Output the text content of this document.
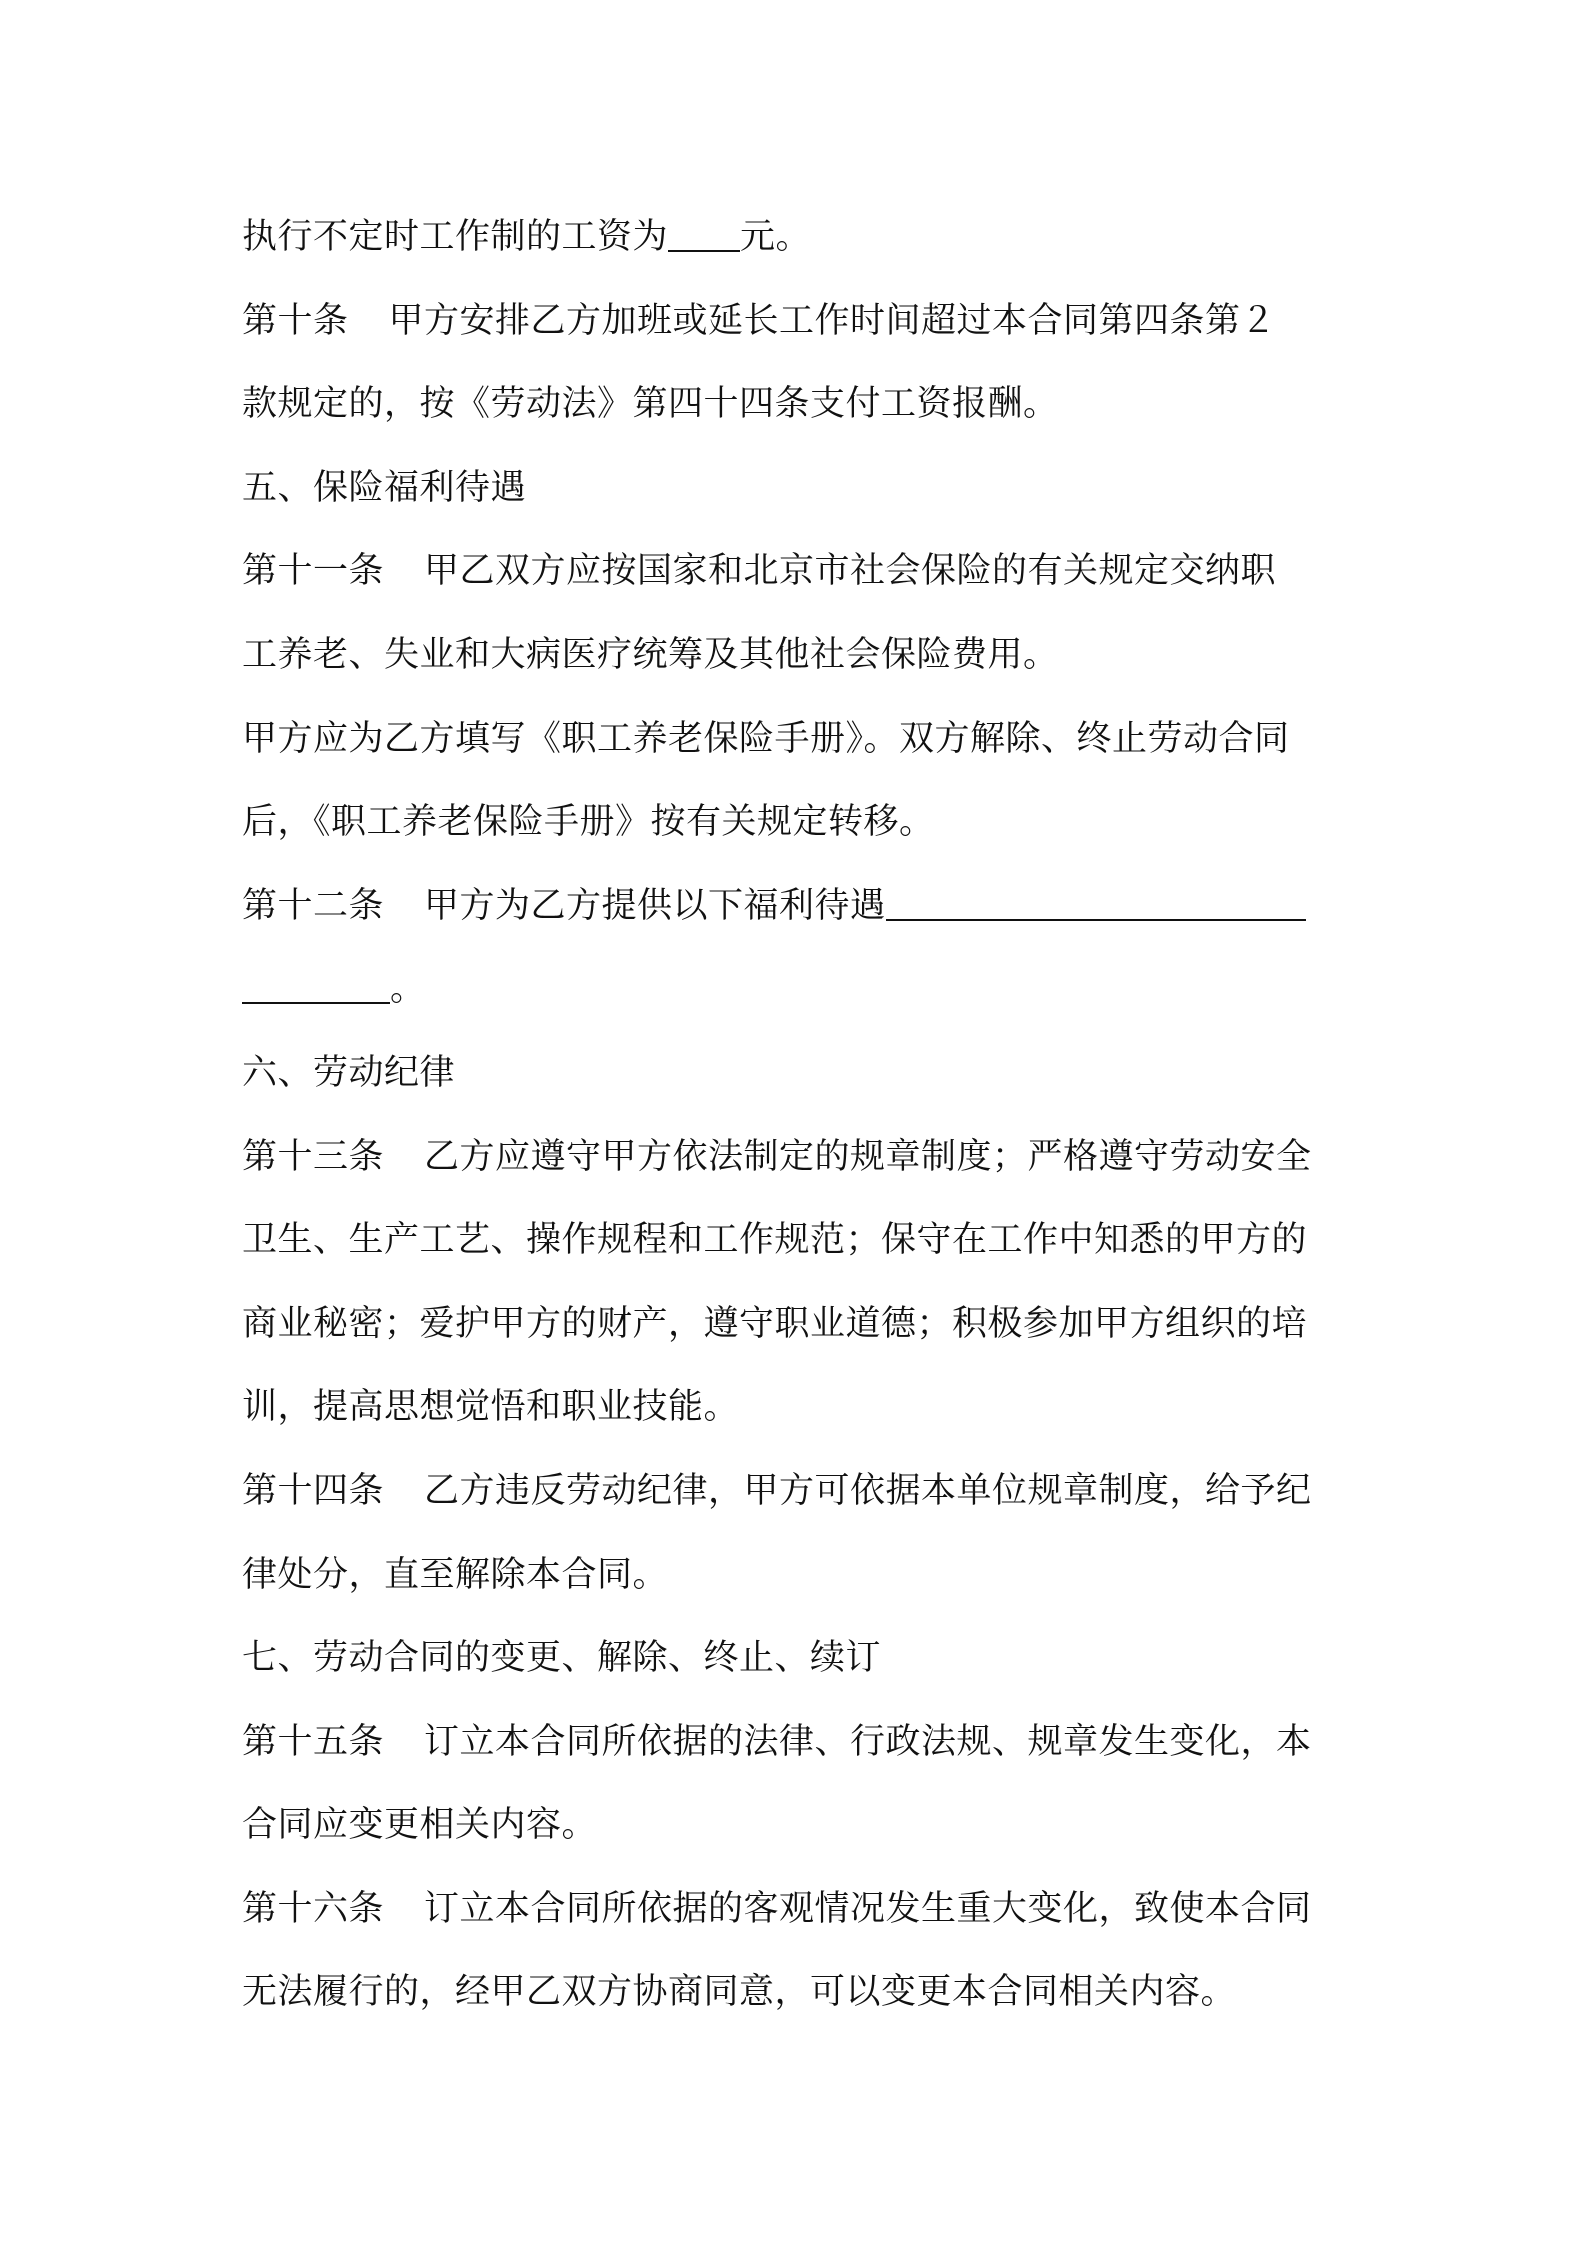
执行不定时工作制的工资为 元。
第十条 甲方安排乙方加班或延长工作时间超过本合同第四条第２
款规定的，按《劳动法》第四十四条支付工资报酬。
五、保险福利待遇
第十一条 甲乙双方应按国家和北京市社会保险的有关规定交纳职
工养老、失业和大病医疗统筹及其他社会保险费用。
甲方应为乙方填写《职工养老保险手册》。双方解除、终止劳动合同
后，《职工养老保险手册》按有关规定转移。
第十二条 甲方为乙方提供以下福利待遇
。
六、劳动纪律
第十三条 乙方应遵守甲方依法制定的规章制度；严格遵守劳动安全
卫生、生产工艺、操作规程和工作规范；保守在工作中知悉的甲方的
商业秘密；爱护甲方的财产，遵守职业道德；积极参加甲方组织的培
训，提高思想觉悟和职业技能。
第十四条 乙方违反劳动纪律，甲方可依据本单位规章制度，给予纪
律处分，直至解除本合同。
七、劳动合同的变更、解除、终止、续订
第十五条 订立本合同所依据的法律、行政法规、规章发生变化，本
合同应变更相关内容。
第十六条 订立本合同所依据的客观情况发生重大变化，致使本合同
无法履行的，经甲乙双方协商同意，可以变更本合同相关内容。
